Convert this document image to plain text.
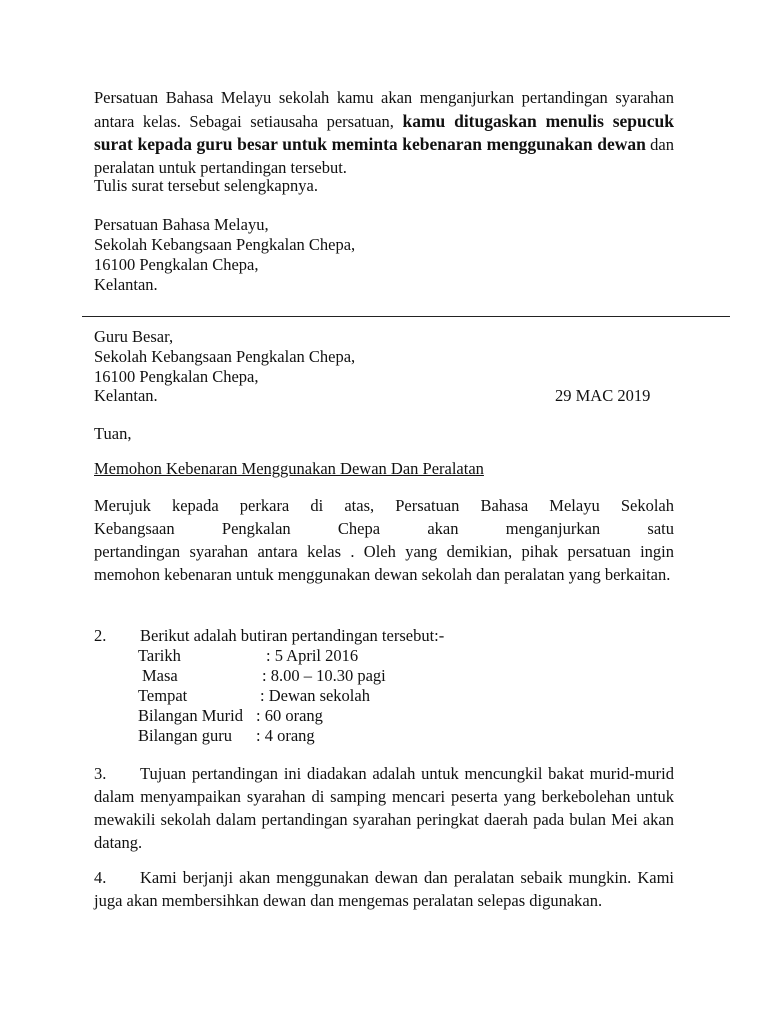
Persatuan Bahasa Melayu sekolah kamu akan menganjurkan pertandingan syarahan antara kelas. Sebagai setiausaha persatuan, kamu ditugaskan menulis sepucuk surat kepada guru besar untuk meminta kebenaran menggunakan dewan dan peralatan untuk pertandingan tersebut.
Tulis surat tersebut selengkapnya.
Persatuan Bahasa Melayu,
Sekolah Kebangsaan Pengkalan Chepa,
16100 Pengkalan Chepa,
Kelantan.
Guru Besar,
Sekolah Kebangsaan Pengkalan Chepa,
16100 Pengkalan Chepa,
Kelantan.	29 MAC 2019
Tuan,
Memohon Kebenaran Menggunakan Dewan Dan Peralatan
Merujuk kepada perkara di atas, Persatuan Bahasa Melayu Sekolah
Kebangsaan Pengkalan Chepa akan menganjurkan satu
pertandingan syarahan antara kelas . Oleh yang demikian, pihak persatuan ingin memohon kebenaran untuk menggunakan dewan sekolah dan peralatan yang berkaitan.
2. Berikut adalah butiran pertandingan tersebut:-
Tarikh	: 5 April 2016
Masa	: 8.00 – 10.30 pagi
Tempat	: Dewan sekolah
Bilangan Murid : 60 orang
Bilangan guru : 4 orang
3. Tujuan pertandingan ini diadakan adalah untuk mencungkil bakat murid-murid dalam menyampaikan syarahan di samping mencari peserta yang berkebolehan untuk mewakili sekolah dalam pertandingan syarahan peringkat daerah pada bulan Mei akan datang.
4. Kami berjanji akan menggunakan dewan dan peralatan sebaik mungkin. Kami juga akan membersihkan dewan dan mengemas peralatan selepas digunakan.
